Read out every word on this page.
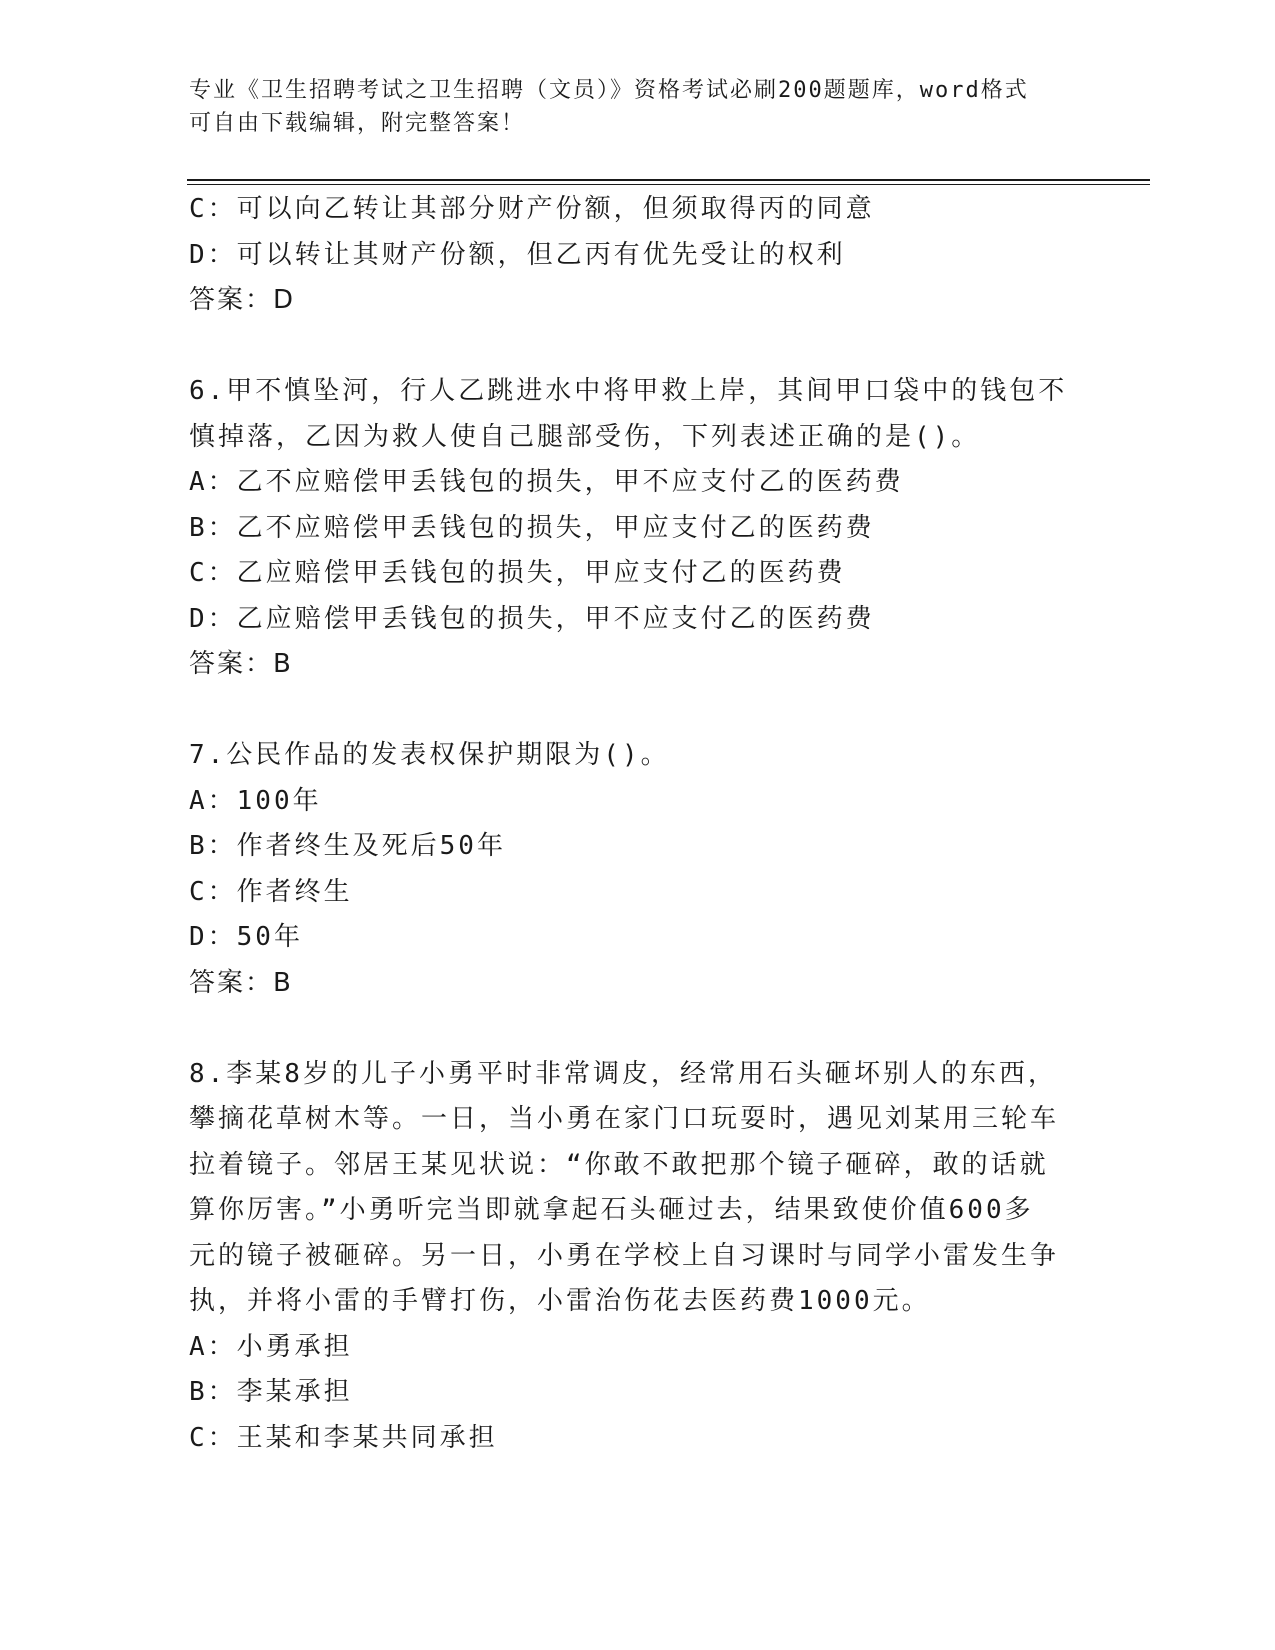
专业《卫生招聘考试之卫生招聘（文员）》资格考试必刷200题题库，word格式
可自由下载编辑，附完整答案！
C：可以向乙转让其部分财产份额，但须取得丙的同意
D：可以转让其财产份额，但乙丙有优先受让的权利
答案：D
6.甲不慎坠河，行人乙跳进水中将甲救上岸，其间甲口袋中的钱包不
慎掉落，乙因为救人使自己腿部受伤，下列表述正确的是()。
A：乙不应赔偿甲丢钱包的损失，甲不应支付乙的医药费
B：乙不应赔偿甲丢钱包的损失，甲应支付乙的医药费
C：乙应赔偿甲丢钱包的损失，甲应支付乙的医药费
D：乙应赔偿甲丢钱包的损失，甲不应支付乙的医药费
答案：B
7.公民作品的发表权保护期限为()。
A：100年
B：作者终生及死后50年
C：作者终生
D：50年
答案：B
8.李某8岁的儿子小勇平时非常调皮，经常用石头砸坏别人的东西，
攀摘花草树木等。一日，当小勇在家门口玩耍时，遇见刘某用三轮车
拉着镜子。邻居王某见状说：“你敢不敢把那个镜子砸碎，敢的话就
算你厉害。”小勇听完当即就拿起石头砸过去，结果致使价值600多
元的镜子被砸碎。另一日，小勇在学校上自习课时与同学小雷发生争
执，并将小雷的手臂打伤，小雷治伤花去医药费1000元。
A：小勇承担
B：李某承担
C：王某和李某共同承担
